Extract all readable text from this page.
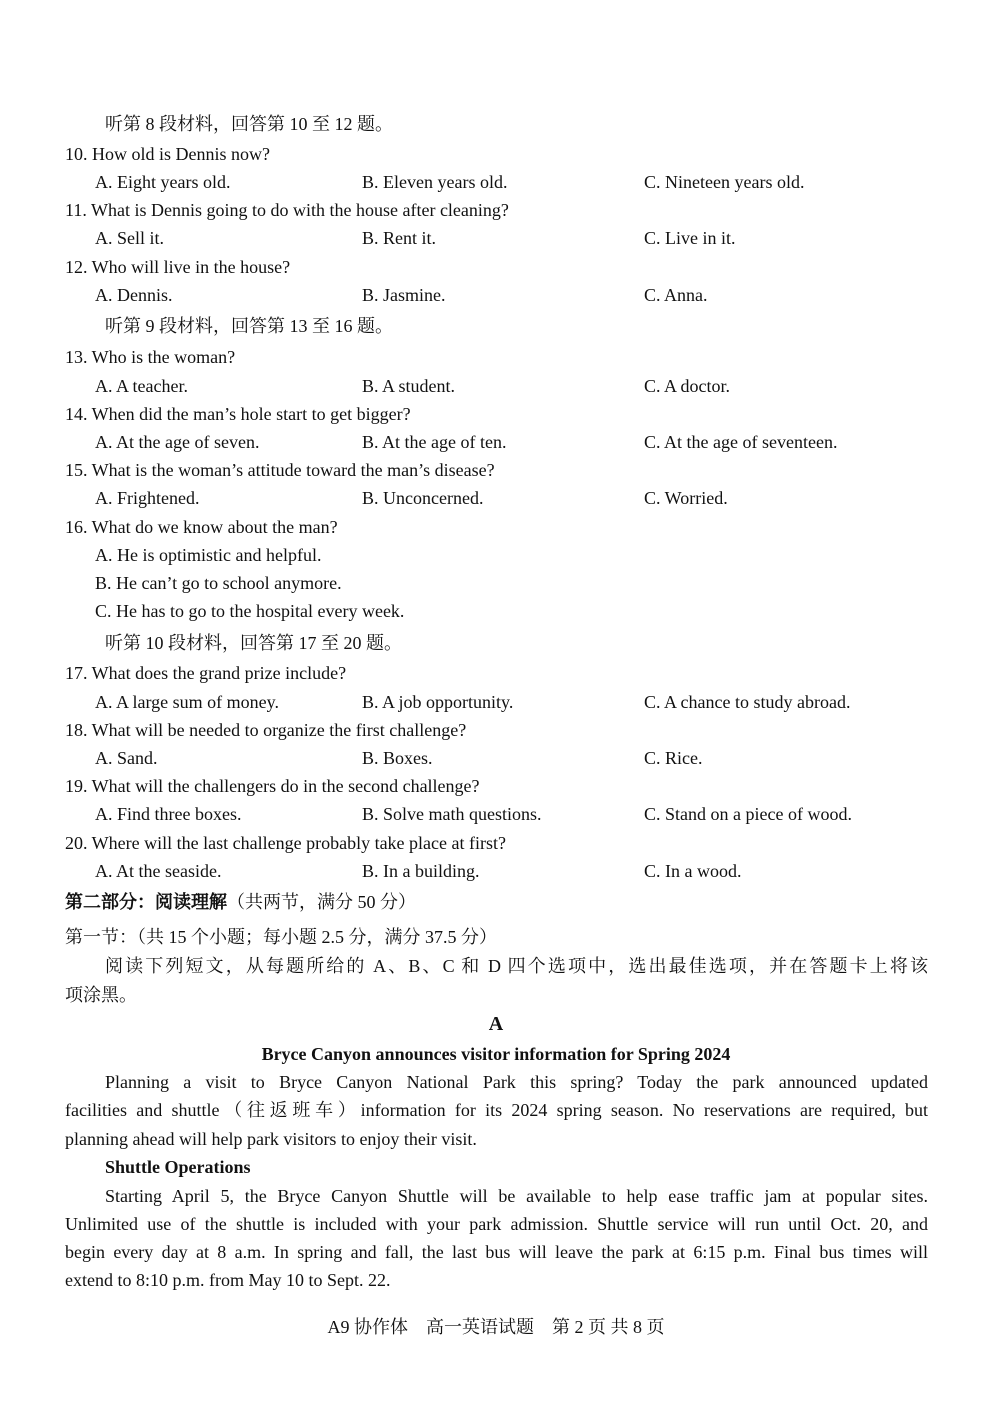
听第 8 段材料，回答第 10 至 12 题。
10. How old is Dennis now?
A. Eight years old.	B. Eleven years old.	C. Nineteen years old.
11. What is Dennis going to do with the house after cleaning?
A. Sell it.	B. Rent it.	C. Live in it.
12. Who will live in the house?
A. Dennis.	B. Jasmine.	C. Anna.
听第 9 段材料，回答第 13 至 16 题。
13. Who is the woman?
A. A teacher.	B. A student.	C. A doctor.
14. When did the man’s hole start to get bigger?
A. At the age of seven.	B. At the age of ten.	C. At the age of seventeen.
15. What is the woman’s attitude toward the man’s disease?
A. Frightened.	B. Unconcerned.	C. Worried.
16. What do we know about the man?
A. He is optimistic and helpful.
B. He can’t go to school anymore.
C. He has to go to the hospital every week.
听第 10 段材料，回答第 17 至 20 题。
17. What does the grand prize include?
A. A large sum of money.	B. A job opportunity.	C. A chance to study abroad.
18. What will be needed to organize the first challenge?
A. Sand.	B. Boxes.	C. Rice.
19. What will the challengers do in the second challenge?
A. Find three boxes.	B. Solve math questions.	C. Stand on a piece of wood.
20. Where will the last challenge probably take place at first?
A. At the seaside.	B. In a building.	C. In a wood.
第二部分：阅读理解（共两节，满分 50 分）
第一节：（共 15 个小题；每小题 2.5 分，满分 37.5 分）
阅读下列短文，从每题所给的 A、B、C 和 D 四个选项中，选出最佳选项，并在答题卡上将该
项涂黑。
A
Bryce Canyon announces visitor information for Spring 2024
Planning a visit to Bryce Canyon National Park this spring? Today the park announced updated
facilities and shuttle（往返班车）information for its 2024 spring season. No reservations are required, but
planning ahead will help park visitors to enjoy their visit.
Shuttle Operations
Starting April 5, the Bryce Canyon Shuttle will be available to help ease traffic jam at popular sites.
Unlimited use of the shuttle is included with your park admission. Shuttle service will run until Oct. 20, and
begin every day at 8 a.m. In spring and fall, the last bus will leave the park at 6:15 p.m. Final bus times will
extend to 8:10 p.m. from May 10 to Sept. 22.
A9 协作体　高一英语试题　第 2 页 共 8 页
